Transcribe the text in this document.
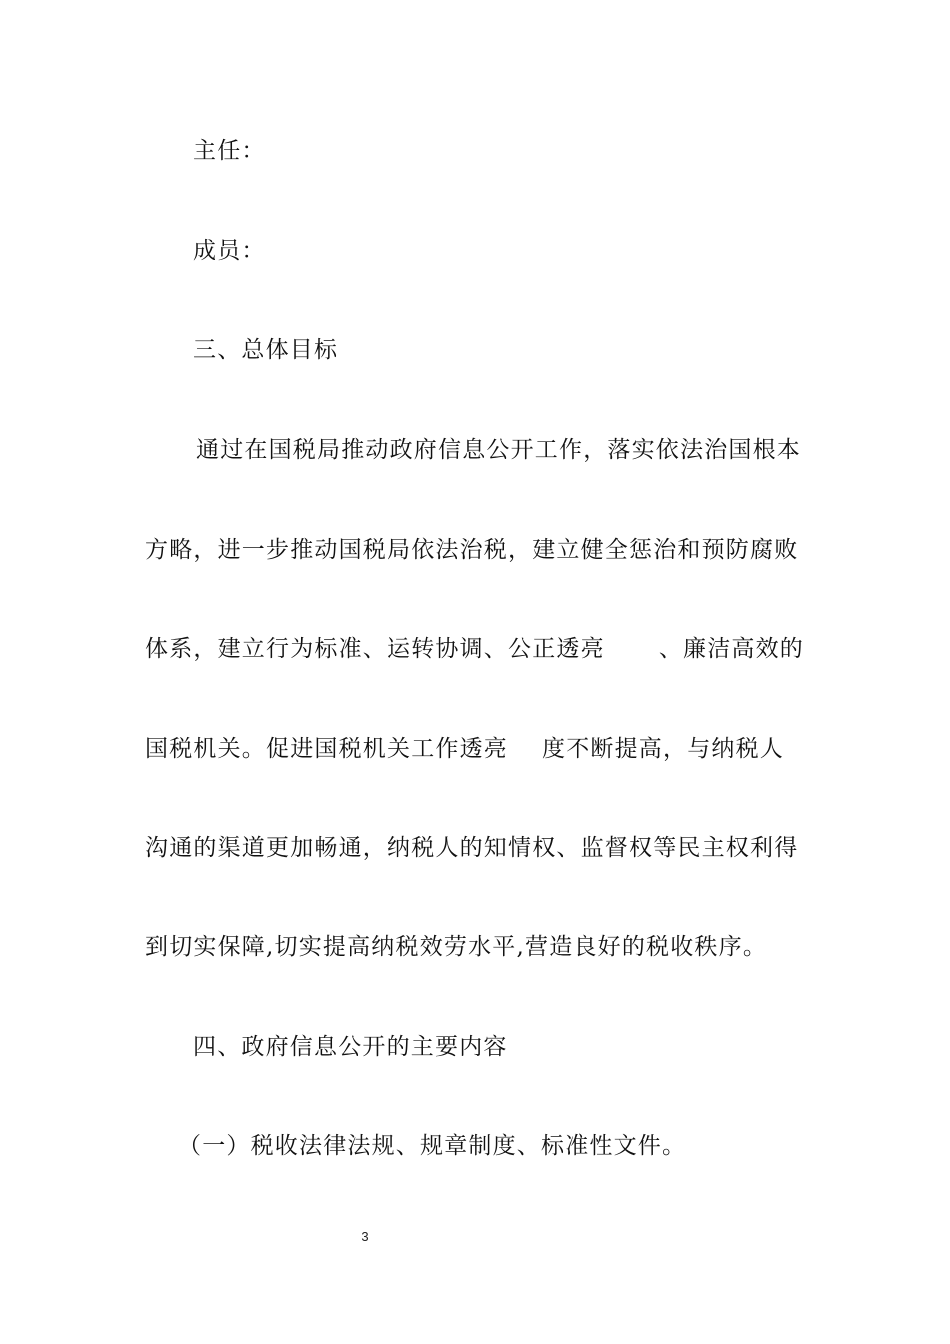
主任：
成员：
三、总体目标
通过在国税局推动政府信息公开工作，落实依法治国根本
方略，进一步推动国税局依法治税，建立健全惩治和预防腐败
体系，建立行为标准、运转协调、公正透亮 、廉洁高效的
国税机关。促进国税机关工作透亮 度不断提高，与纳税人
沟通的渠道更加畅通，纳税人的知情权、监督权等民主权利得
到切实保障,切实提高纳税效劳水平,营造良好的税收秩序。
四、政府信息公开的主要内容
（一）税收法律法规、规章制度、标准性文件。
3
